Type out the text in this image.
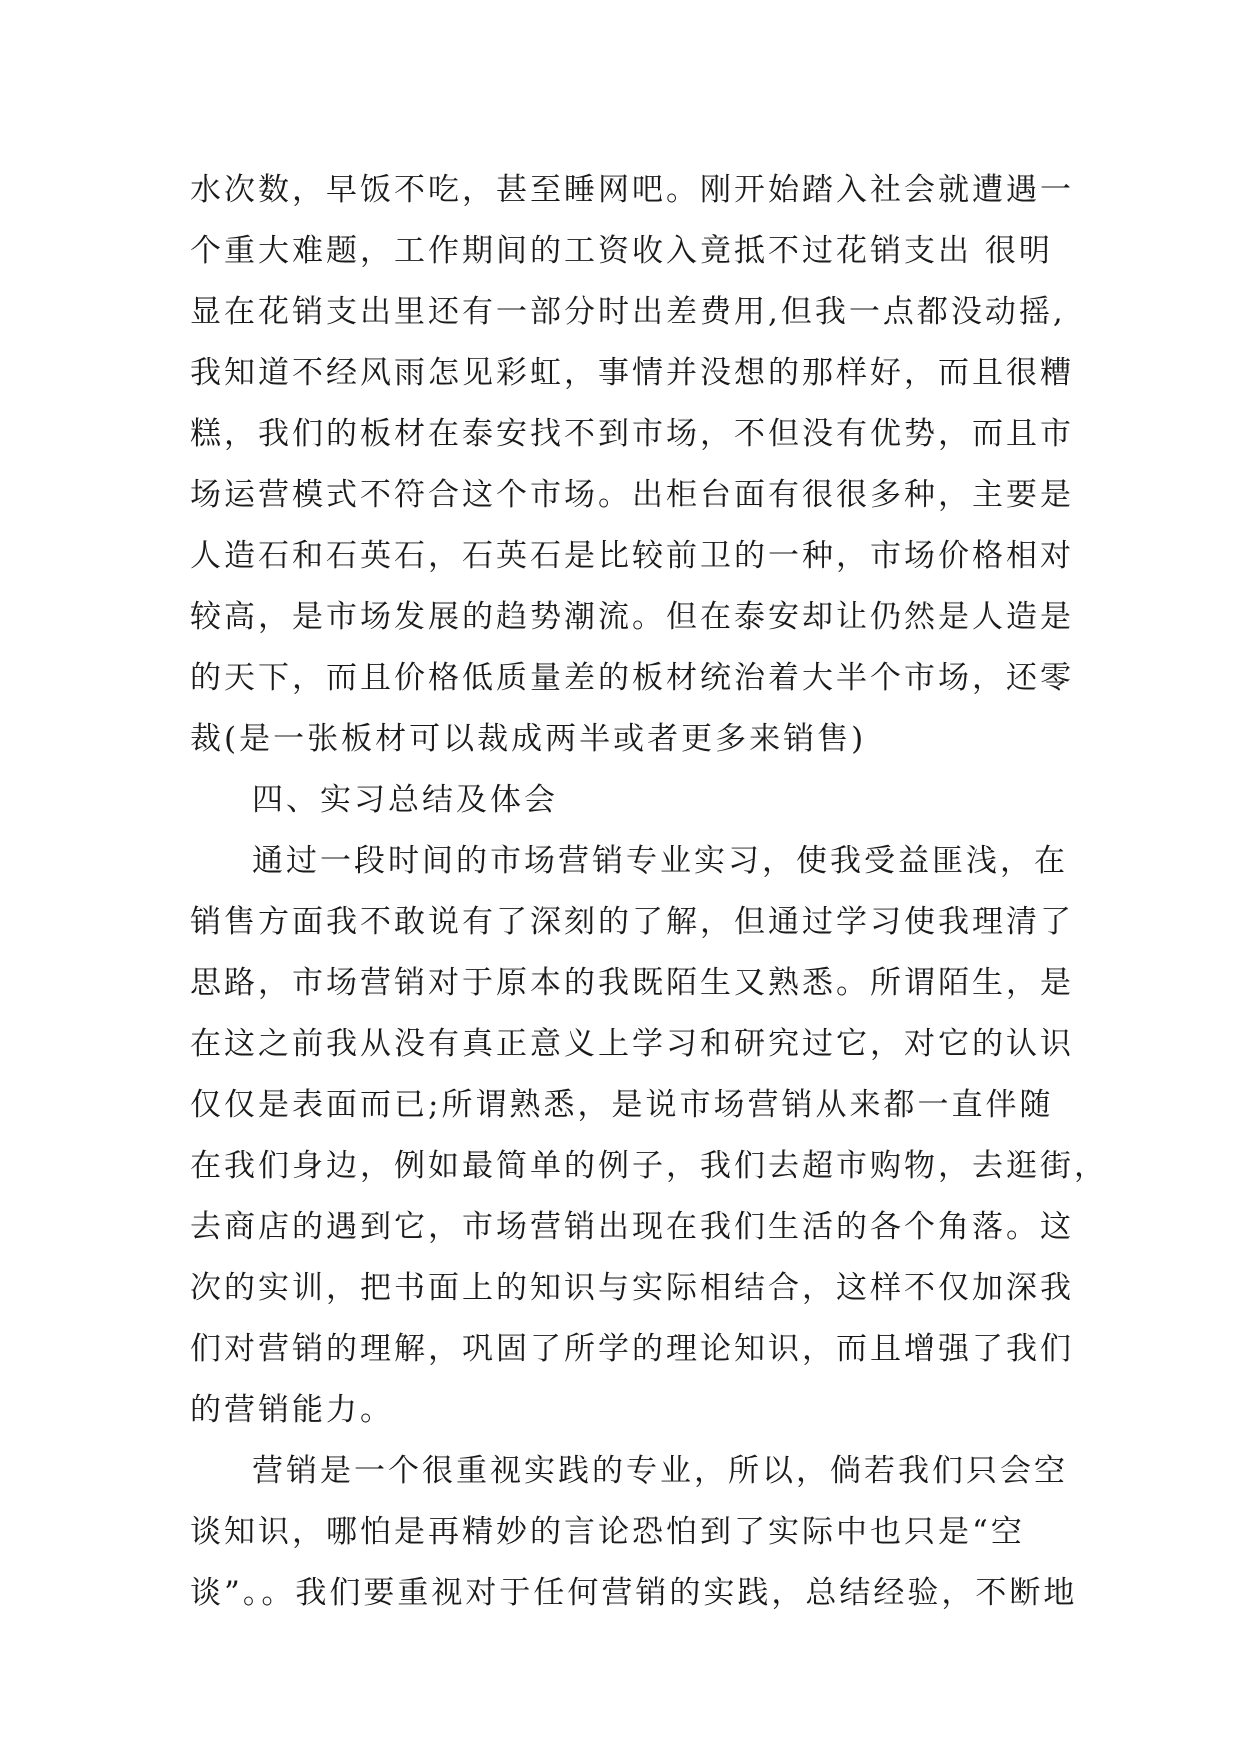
水次数，早饭不吃，甚至睡网吧。刚开始踏入社会就遭遇一
个重大难题，工作期间的工资收入竟抵不过花销支出 很明
显在花销支出里还有一部分时出差费用,但我一点都没动摇,
我知道不经风雨怎见彩虹，事情并没想的那样好，而且很糟
糕，我们的板材在泰安找不到市场，不但没有优势，而且市
场运营模式不符合这个市场。出柜台面有很很多种，主要是
人造石和石英石，石英石是比较前卫的一种，市场价格相对
较高，是市场发展的趋势潮流。但在泰安却让仍然是人造是
的天下，而且价格低质量差的板材统治着大半个市场，还零
裁(是一张板材可以裁成两半或者更多来销售)
四、实习总结及体会
通过一段时间的市场营销专业实习，使我受益匪浅，在
销售方面我不敢说有了深刻的了解，但通过学习使我理清了
思路，市场营销对于原本的我既陌生又熟悉。所谓陌生，是
在这之前我从没有真正意义上学习和研究过它，对它的认识
仅仅是表面而已;所谓熟悉，是说市场营销从来都一直伴随
在我们身边，例如最简单的例子，我们去超市购物，去逛街，
去商店的遇到它，市场营销出现在我们生活的各个角落。这
次的实训，把书面上的知识与实际相结合，这样不仅加深我
们对营销的理解，巩固了所学的理论知识，而且增强了我们
的营销能力。
营销是一个很重视实践的专业，所以，倘若我们只会空
谈知识，哪怕是再精妙的言论恐怕到了实际中也只是“空
谈”。。我们要重视对于任何营销的实践，总结经验，不断地
